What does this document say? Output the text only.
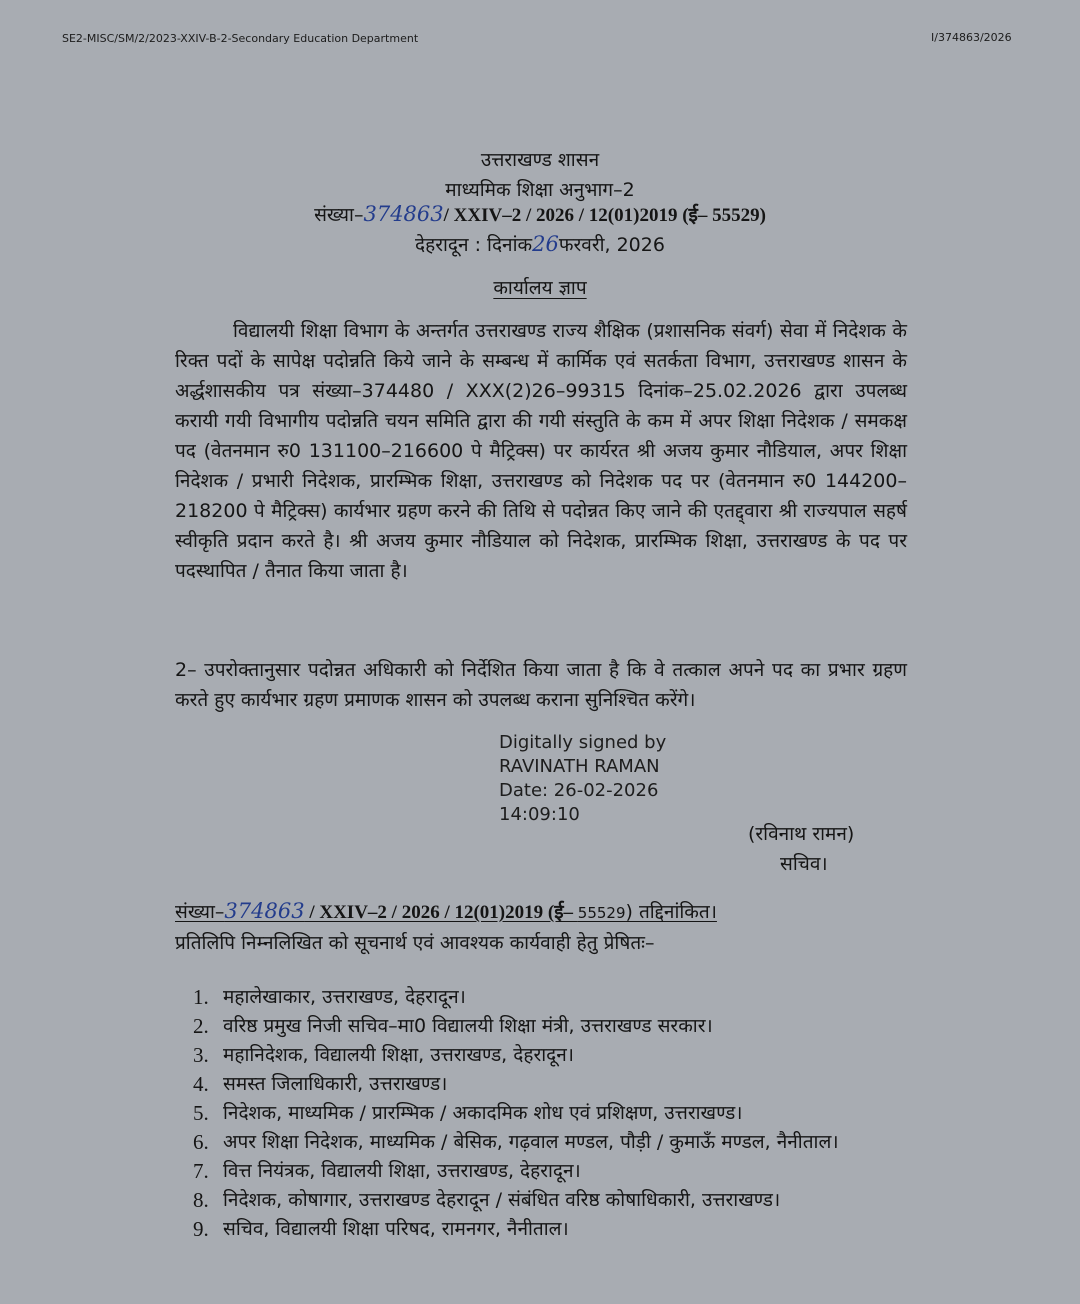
SE2-MISC/SM/2/2023-XXIV-B-2-Secondary Education Department	I/374863/2026
उत्तराखण्ड शासन
माध्यमिक शिक्षा अनुभाग–2
संख्या–374863/ XXIV–2 / 2026 / 12(01)2019 (ई– 55529)
देहरादून : दिनांक26फरवरी, 2026
कार्यालय ज्ञाप
विद्यालयी शिक्षा विभाग के अन्तर्गत उत्तराखण्ड राज्य शैक्षिक (प्रशासनिक संवर्ग) सेवा में निदेशक के रिक्त पदों के सापेक्ष पदोन्नति किये जाने के सम्बन्ध में कार्मिक एवं सतर्कता विभाग, उत्तराखण्ड शासन के अर्द्धशासकीय पत्र संख्या–374480 / XXX(2)26–99315 दिनांक–25.02.2026 द्वारा उपलब्ध करायी गयी विभागीय पदोन्नति चयन समिति द्वारा की गयी संस्तुति के कम में अपर शिक्षा निदेशक / समकक्ष पद (वेतनमान रु0 131100–216600 पे मैट्रिक्स) पर कार्यरत श्री अजय कुमार नौडियाल, अपर शिक्षा निदेशक / प्रभारी निदेशक, प्रारम्भिक शिक्षा, उत्तराखण्ड को निदेशक पद पर (वेतनमान रु0 144200–218200 पे मैट्रिक्स) कार्यभार ग्रहण करने की तिथि से पदोन्नत किए जाने की एतद्द्वारा श्री राज्यपाल सहर्ष स्वीकृति प्रदान करते है। श्री अजय कुमार नौडियाल को निदेशक, प्रारम्भिक शिक्षा, उत्तराखण्ड के पद पर पदस्थापित / तैनात किया जाता है।
2– उपरोक्तानुसार पदोन्नत अधिकारी को निर्देशित किया जाता है कि वे तत्काल अपने पद का प्रभार ग्रहण करते हुए कार्यभार ग्रहण प्रमाणक शासन को उपलब्ध कराना सुनिश्चित करेंगे।
Digitally signed by
RAVINATH RAMAN
Date: 26-02-2026
14:09:10
(रविनाथ रामन)
सचिव।
संख्या–374863 / XXIV–2 / 2026 / 12(01)2019 (ई– 55529) तद्दिनांकित।
प्रतिलिपि निम्नलिखित को सूचनार्थ एवं आवश्यक कार्यवाही हेतु प्रेषितः–
1. महालेखाकार, उत्तराखण्ड, देहरादून।
2. वरिष्ठ प्रमुख निजी सचिव–मा0 विद्यालयी शिक्षा मंत्री, उत्तराखण्ड सरकार।
3. महानिदेशक, विद्यालयी शिक्षा, उत्तराखण्ड, देहरादून।
4. समस्त जिलाधिकारी, उत्तराखण्ड।
5. निदेशक, माध्यमिक / प्रारम्भिक / अकादमिक शोध एवं प्रशिक्षण, उत्तराखण्ड।
6. अपर शिक्षा निदेशक, माध्यमिक / बेसिक, गढ़वाल मण्डल, पौड़ी / कुमाऊँ मण्डल, नैनीताल।
7. वित्त नियंत्रक, विद्यालयी शिक्षा, उत्तराखण्ड, देहरादून।
8. निदेशक, कोषागार, उत्तराखण्ड देहरादून / संबंधित वरिष्ठ कोषाधिकारी, उत्तराखण्ड।
9. सचिव, विद्यालयी शिक्षा परिषद, रामनगर, नैनीताल।
